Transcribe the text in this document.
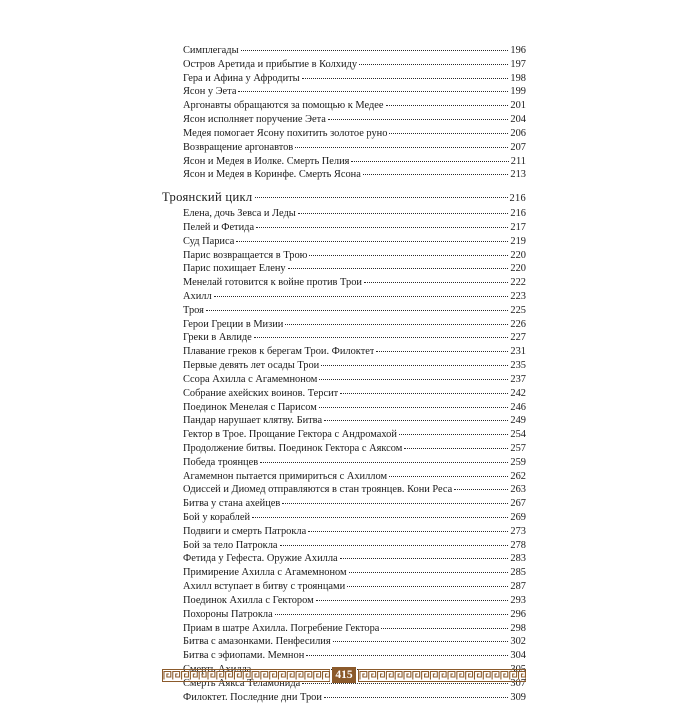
Симплегады	196
Остров Аретида и прибытие в Колхиду	197
Гера и Афина у Афродиты	198
Ясон у Эета	199
Аргонавты обращаются за помощью к Медее	201
Ясон исполняет поручение Эета	204
Медея помогает Ясону похитить золотое руно	206
Возвращение аргонавтов	207
Ясон и Медея в Иолке. Смерть Пелия	211
Ясон и Медея в Коринфе. Смерть Ясона	213
Троянский цикл	216
Елена, дочь Зевса и Леды	216
Пелей и Фетида	217
Суд Париса	219
Парис возвращается в Трою	220
Парис похищает Елену	220
Менелай готовится к войне против Трои	222
Ахилл	223
Троя	225
Герои Греции в Мизии	226
Греки в Авлиде	227
Плавание греков к берегам Трои. Филоктет	231
Первые девять лет осады Трои	235
Ссора Ахилла с Агамемноном	237
Собрание ахейских воинов. Терсит	242
Поединок Менелая с Парисом	246
Пандар нарушает клятву. Битва	249
Гектор в Трое. Прощание Гектора с Андромахой	254
Продолжение битвы. Поединок Гектора с Аяксом	257
Победа троянцев	259
Агамемнон пытается примириться с Ахиллом	262
Одиссей и Диомед отправляются в стан троянцев. Кони Реса	263
Битва у стана ахейцев	267
Бой у кораблей	269
Подвиги и смерть Патрокла	273
Бой за тело Патрокла	278
Фетида у Гефеста. Оружие Ахилла	283
Примирение Ахилла с Агамемноном	285
Ахилл вступает в битву с троянцами	287
Поединок Ахилла с Гектором	293
Похороны Патрокла	296
Приам в шатре Ахилла. Погребение Гектора	298
Битва с амазонками. Пенфесилия	302
Битва с эфиопами. Мемнон	304
Смерть Ахилла	305
Смерть Аякса Теламонида	307
Филоктет. Последние дни Трои	309
415
